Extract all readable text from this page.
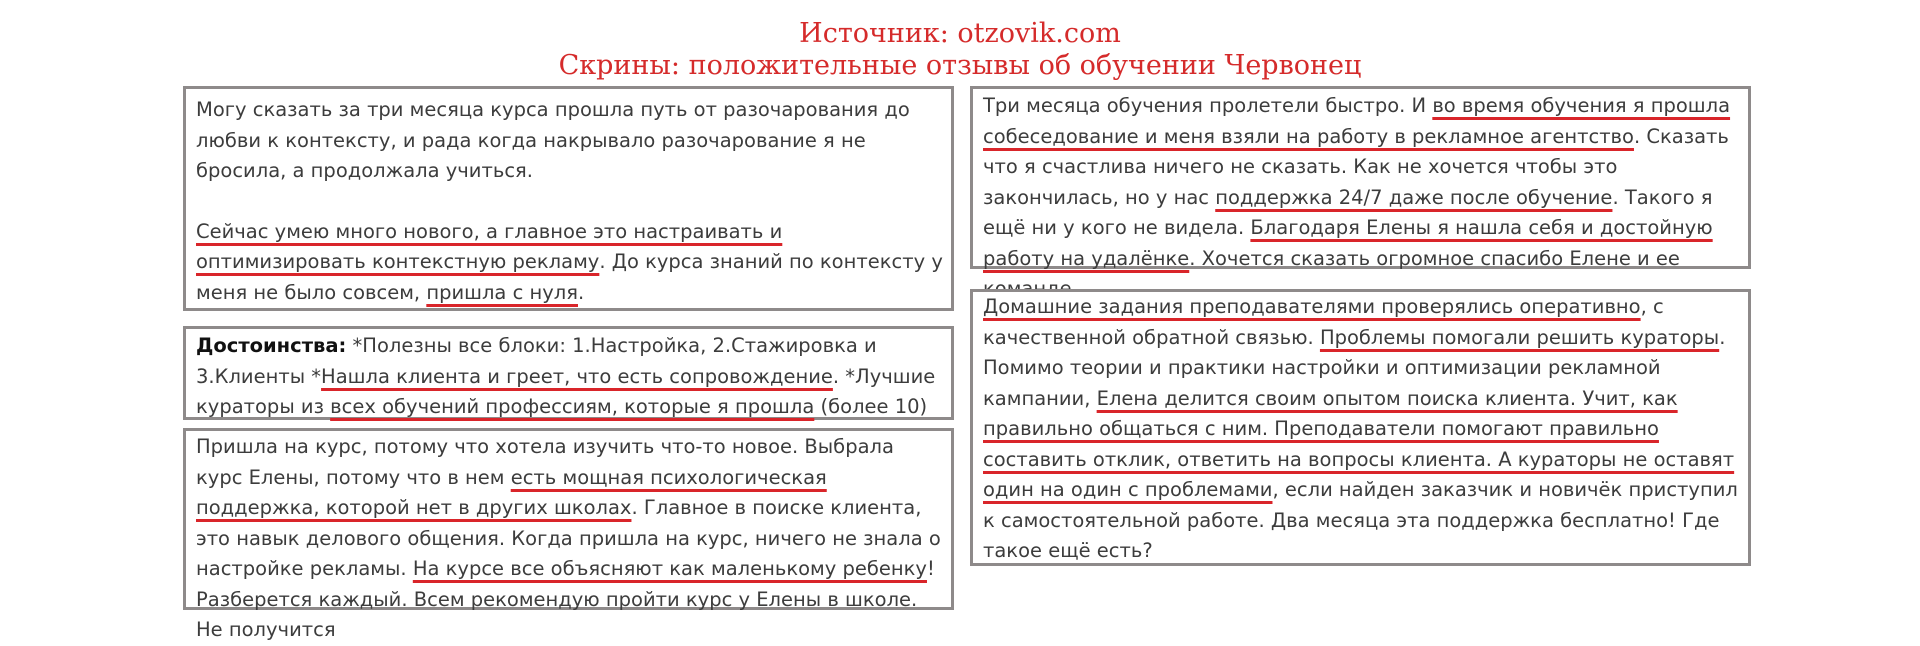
Источник: otzovik.com
Скрины: положительные отзывы об обучении Червонец

Могу сказать за три месяца курса прошла путь от разочарования до любви к контексту, и рада когда накрывало разочарование я не бросила, а продолжала учиться.

Сейчас умею много нового, а главное это настраивать и оптимизировать контекстную рекламу. До курса знаний по контексту у меня не было совсем, пришла с нуля.

Достоинства: *Полезны все блоки: 1.Настройка, 2.Стажировка и 3.Клиенты *Нашла клиента и греет, что есть сопровождение. *Лучшие кураторы из всех обучений профессиям, которые я прошла (более 10)

Пришла на курс, потому что хотела изучить что-то новое. Выбрала курс Елены, потому что в нем есть мощная психологическая поддержка, которой нет в других школах. Главное в поиске клиента, это навык делового общения. Когда пришла на курс, ничего не знала о настройке рекламы. На курсе все объясняют как маленькому ребенку! Разберется каждый. Всем рекомендую пройти курс у Елены в школе. Не получится

Три месяца обучения пролетели быстро. И во время обучения я прошла собеседование и меня взяли на работу в рекламное агентство. Сказать что я счастлива ничего не сказать. Как не хочется чтобы это закончилась, но у нас поддержка 24/7 даже после обучение. Такого я ещё ни у кого не видела. Благодаря Елены я нашла себя и достойную работу на удалёнке. Хочется сказать огромное спасибо Елене и ее

Домашние задания преподавателями проверялись оперативно, с качественной обратной связью. Проблемы помогали решить кураторы. Помимо теории и практики настройки и оптимизации рекламной кампании, Елена делится своим опытом поиска клиента. Учит, как правильно общаться с ним. Преподаватели помогают правильно составить отклик, ответить на вопросы клиента. А кураторы не оставят один на один с проблемами, если найден заказчик и новичёк приступил к самостоятельной работе. Два месяца эта поддержка бесплатно! Где такое ещё есть?
